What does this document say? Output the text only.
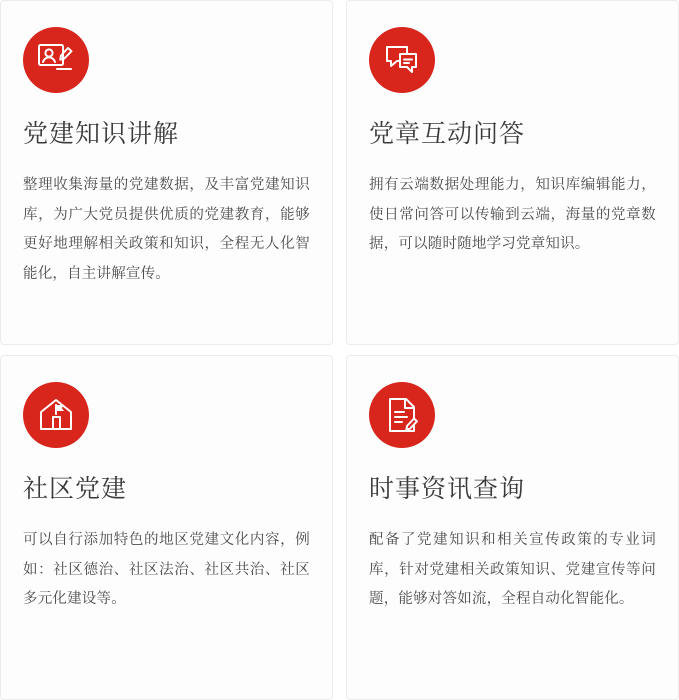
党建知识讲解

整理收集海量的党建数据，及丰富党建知识库，为广大党员提供优质的党建教育，能够更好地理解相关政策和知识，全程无人化智能化，自主讲解宣传。

党章互动问答

拥有云端数据处理能力，知识库编辑能力，使日常问答可以传输到云端，海量的党章数据，可以随时随地学习党章知识。

社区党建

可以自行添加特色的地区党建文化内容，例如：社区德治、社区法治、社区共治、社区多元化建设等。

时事资讯查询

配备了党建知识和相关宣传政策的专业词库，针对党建相关政策知识、党建宣传等问题，能够对答如流，全程自动化智能化。
